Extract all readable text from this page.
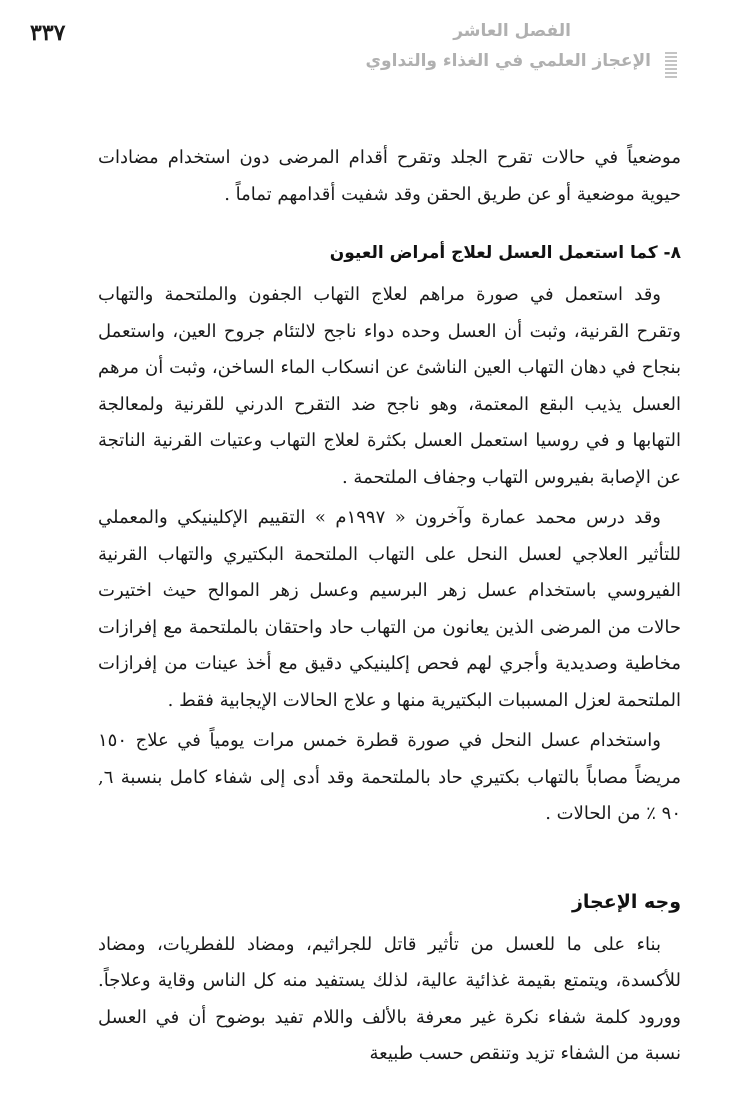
٣٣٧	الفصل العاشر
الإعجاز العلمي في الغذاء والتداوي

موضعياً في حالات تقرح الجلد وتقرح أقدام المرضى دون استخدام مضادات حيوية موضعية أو عن طريق الحقن وقد شفيت أقدامهم تماماً .

٨- كما استعمل العسل لعلاج أمراض العيون

وقد استعمل في صورة مراهم لعلاج التهاب الجفون والملتحمة والتهاب وتقرح القرنية، وثبت أن العسل وحده دواء ناجح لالتئام جروح العين، واستعمل بنجاح في دهان التهاب العين الناشئ عن انسكاب الماء الساخن، وثبت أن مرهم العسل يذيب البقع المعتمة، وهو ناجح ضد التقرح الدرني للقرنية ولمعالجة التهابها و في روسيا استعمل العسل بكثرة لعلاج التهاب وعتيات القرنية الناتجة عن الإصابة بفيروس التهاب وجفاف الملتحمة .

وقد درس محمد عمارة وآخرون « ١٩٩٧م » التقييم الإكلينيكي والمعملي للتأثير العلاجي لعسل النحل على التهاب الملتحمة البكتيري والتهاب القرنية الفيروسي باستخدام عسل زهر البرسيم وعسل زهر الموالح حيث اختيرت حالات من المرضى الذين يعانون من التهاب حاد واحتقان بالملتحمة مع إفرازات مخاطية وصديدية وأجري لهم فحص إكلينيكي دقيق مع أخذ عينات من إفرازات الملتحمة لعزل المسببات البكتيرية منها و علاج الحالات الإيجابية فقط .

واستخدام عسل النحل في صورة قطرة خمس مرات يومياً في علاج ١٥٠ مريضاً مصاباً بالتهاب بكتيري حاد بالملتحمة وقد أدى إلى شفاء كامل بنسبة ٦, ٩٠ ٪ من الحالات .

وجه الإعجاز

بناء على ما للعسل من تأثير قاتل للجراثيم، ومضاد للفطريات، ومضاد للأكسدة، ويتمتع بقيمة غذائية عالية، لذلك يستفيد منه كل الناس وقاية وعلاجاً. وورود كلمة شفاء نكرة غير معرفة بالألف واللام تفيد بوضوح أن في العسل نسبة من الشفاء تزيد وتنقص حسب طبيعة
